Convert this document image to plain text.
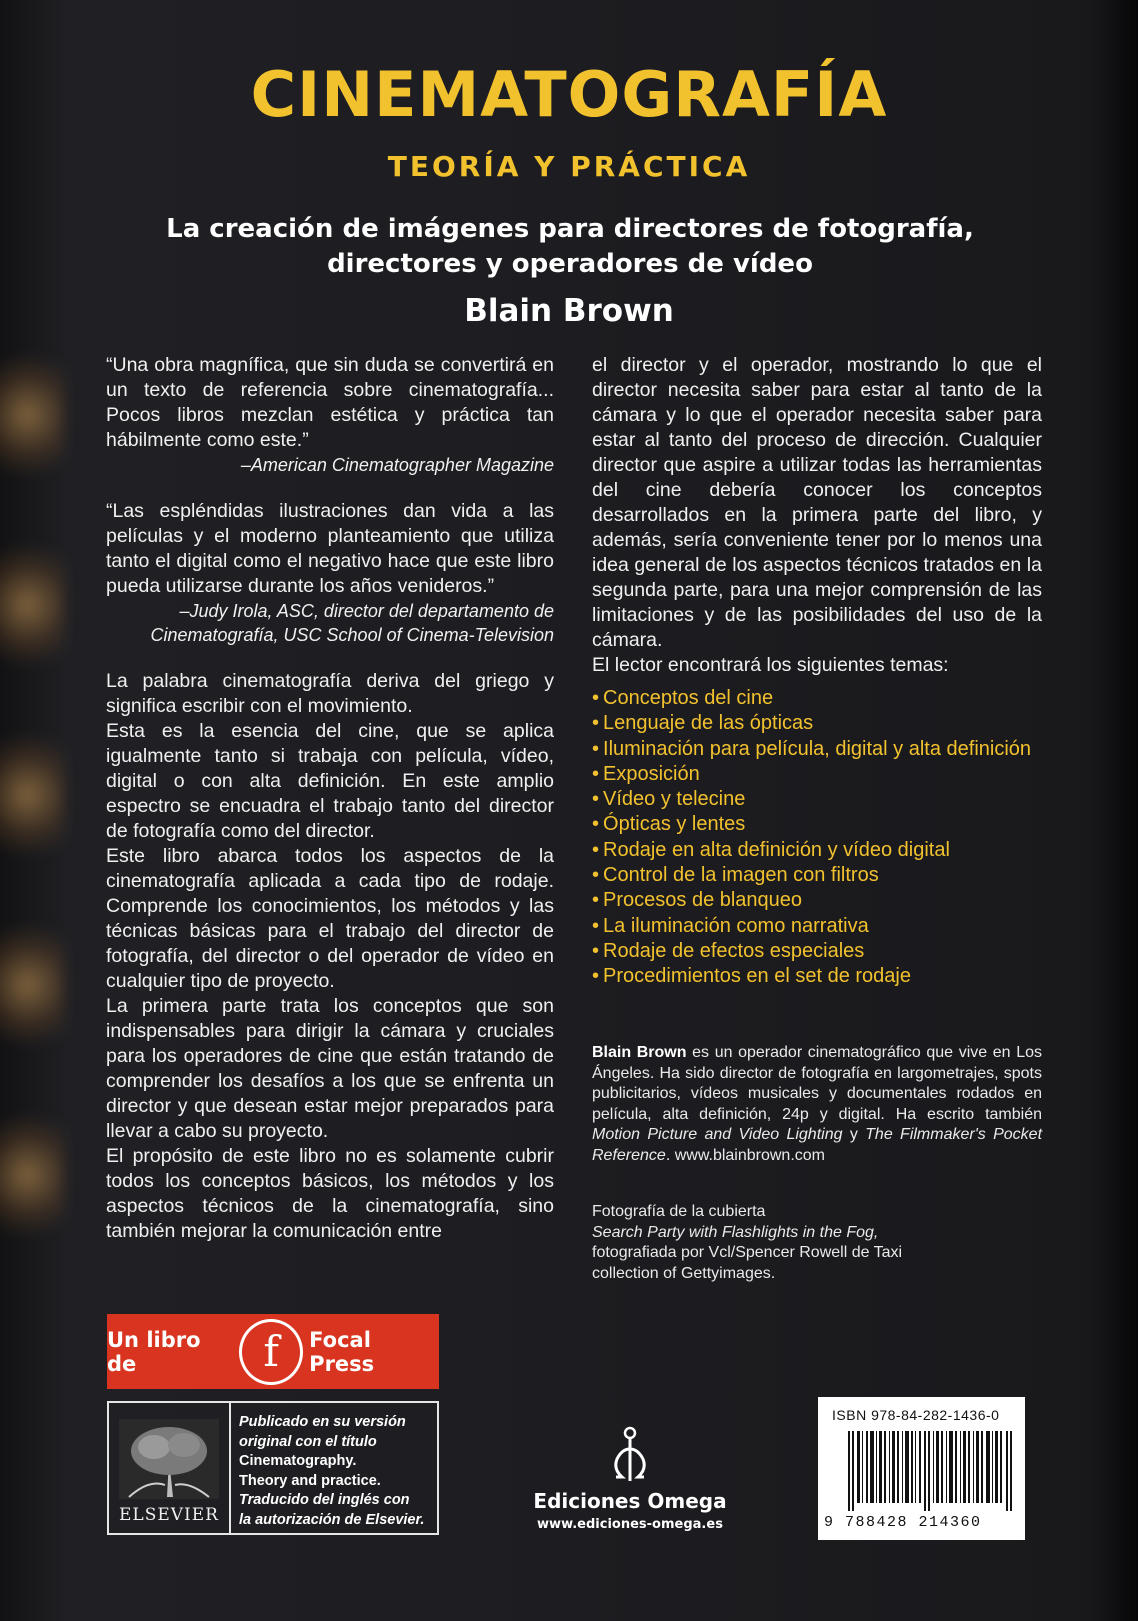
CINEMATOGRAFÍA
TEORÍA Y PRÁCTICA
La creación de imágenes para directores de fotografía,
directores y operadores de vídeo
Blain Brown

“Una obra magnífica, que sin duda se convertirá en un texto de referencia sobre cinematografía... Pocos libros mezclan estética y práctica tan hábilmente como este.”

–American Cinematographer Magazine

“Las espléndidas ilustraciones dan vida a las películas y el moderno planteamiento que utiliza tanto el digital como el negativo hace que este libro pueda utilizarse durante los años venideros.”

–Judy Irola, ASC, director del departamento de

Cinematografía, USC School of Cinema-Television

La palabra cinematografía deriva del griego y significa escribir con el movimiento.

Esta es la esencia del cine, que se aplica igualmente tanto si trabaja con película, vídeo, digital o con alta definición. En este amplio espectro se encuadra el trabajo tanto del director de fotografía como del director.

Este libro abarca todos los aspectos de la cinematografía aplicada a cada tipo de rodaje. Comprende los conocimientos, los métodos y las técnicas básicas para el trabajo del director de fotografía, del director o del operador de vídeo en cualquier tipo de proyecto.

La primera parte trata los conceptos que son indispensables para dirigir la cámara y cruciales para los operadores de cine que están tratando de comprender los desafíos a los que se enfrenta un director y que desean estar mejor preparados para llevar a cabo su proyecto.

El propósito de este libro no es solamente cubrir todos los conceptos básicos, los métodos y los aspectos técnicos de la cinematografía, sino también mejorar la comunicación entre

el director y el operador, mostrando lo que el director necesita saber para estar al tanto de la cámara y lo que el operador necesita saber para estar al tanto del proceso de dirección. Cualquier director que aspire a utilizar todas las herramientas del cine debería conocer los conceptos desarrollados en la primera parte del libro, y además, sería conveniente tener por lo menos una idea general de los aspectos técnicos tratados en la segunda parte, para una mejor comprensión de las limitaciones y de las posibilidades del uso de la cámara.

El lector encontrará los siguientes temas:

• Conceptos del cine
• Lenguaje de las ópticas
• Iluminación para película, digital y alta definición
• Exposición
• Vídeo y telecine
• Ópticas y lentes
• Rodaje en alta definición y vídeo digital
• Control de la imagen con filtros
• Procesos de blanqueo
• La iluminación como narrativa
• Rodaje de efectos especiales
• Procedimientos en el set de rodaje
Blain Brown es un operador cinematográfico que vive en Los Ángeles. Ha sido director de fotografía en largometrajes, spots publicitarios, vídeos musicales y documentales rodados en película, alta definición, 24p y digital. Ha escrito también Motion Picture and Video Lighting y The Filmmaker's Pocket Reference. www.blainbrown.com
Fotografía de la cubierta
Search Party with Flashlights in the Fog,
fotografiada por Vcl/Spencer Rowell de Taxi
collection of Gettyimages.
Un libro de	f Focal Press
ELSEVIER
Publicado en su versión
original con el título
Cinematography.
Theory and practice.
Traducido del inglés con
la autorización de Elsevier.
Ediciones Omega
www.ediciones-omega.es
ISBN 978-84-282-1436-0
9 788428 214360
